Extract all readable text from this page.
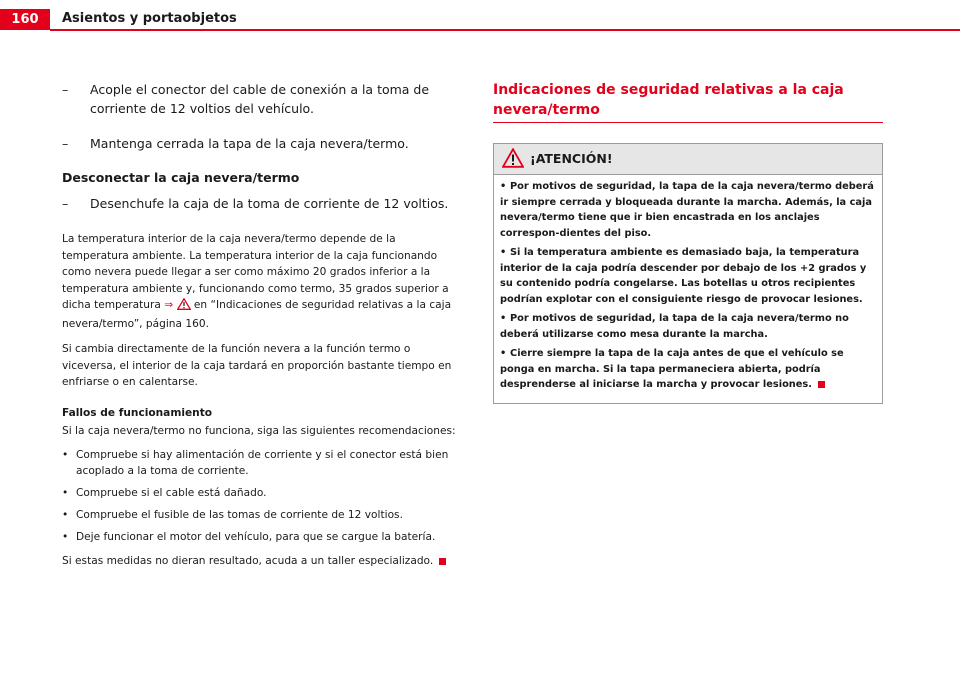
160	Asientos y portaobjetos
– Acople el conector del cable de conexión a la toma de corriente de 12 voltios del vehículo.
– Mantenga cerrada la tapa de la caja nevera/termo.
Desconectar la caja nevera/termo
– Desenchufe la caja de la toma de corriente de 12 voltios.

La temperatura interior de la caja nevera/termo depende de la temperatura ambiente. La temperatura interior de la caja funcionando como nevera puede llegar a ser como máximo 20 grados inferior a la temperatura ambiente y, funcionando como termo, 35 grados superior a dicha temperatura ⇒ en “Indicaciones de seguridad relativas a la caja nevera/termo”, página 160.

Si cambia directamente de la función nevera a la función termo o viceversa, el interior de la caja tardará en proporción bastante tiempo en enfriarse o en calentarse.

Fallos de funcionamiento

Si la caja nevera/termo no funciona, siga las siguientes recomendaciones:

• Compruebe si hay alimentación de corriente y si el conector está bien acoplado a la toma de corriente.
• Compruebe si el cable está dañado.
• Compruebe el fusible de las tomas de corriente de 12 voltios.
• Deje funcionar el motor del vehículo, para que se cargue la batería.

Si estas medidas no dieran resultado, acuda a un taller especializado.

Indicaciones de seguridad relativas a la caja nevera/termo
¡ATENCIÓN!
• Por motivos de seguridad, la tapa de la caja nevera/termo deberá ir siempre cerrada y bloqueada durante la marcha. Además, la caja nevera/termo tiene que ir bien encastrada en los anclajes correspon-dientes del piso.
• Si la temperatura ambiente es demasiado baja, la temperatura interior de la caja podría descender por debajo de los +2 grados y su contenido podría congelarse. Las botellas u otros recipientes podrían explotar con el consiguiente riesgo de provocar lesiones.
• Por motivos de seguridad, la tapa de la caja nevera/termo no deberá utilizarse como mesa durante la marcha.
• Cierre siempre la tapa de la caja antes de que el vehículo se ponga en marcha. Si la tapa permaneciera abierta, podría desprenderse al iniciarse la marcha y provocar lesiones.
